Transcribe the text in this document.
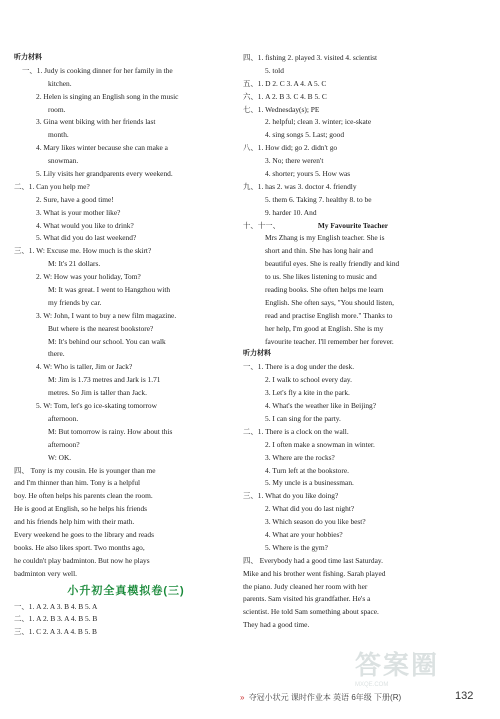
听力材料
一、1. Judy is cooking dinner for her family in the
kitchen.
2. Helen is singing an English song in the music
room.
3. Gina went biking with her friends last
month.
4. Mary likes winter because she can make a
snowman.
5. Lily visits her grandparents every weekend.
二、1. Can you help me?
2. Sure, have a good time!
3. What is your mother like?
4. What would you like to drink?
5. What did you do last weekend?
三、1. W: Excuse me. How much is the skirt?
M: It's 21 dollars.
2. W: How was your holiday, Tom?
M: It was great. I went to Hangzhou with
my friends by car.
3. W: John, I want to buy a new film magazine.
But where is the nearest bookstore?
M: It's behind our school. You can walk
there.
4. W: Who is taller, Jim or Jack?
M: Jim is 1.73 metres and Jark is 1.71
metres. So Jim is taller than Jack.
5. W: Tom, let's go ice-skating tomorrow
afternoon.
M: But tomorrow is rainy. How about this
afternoon?
W: OK.
四、 Tony is my cousin. He is younger than me
and I'm thinner than him. Tony is a helpful
boy. He often helps his parents clean the room.
He is good at English, so he helps his friends
and his friends help him with their math.
Every weekend he goes to the library and reads
books. He also likes sport. Two months ago,
he couldn't play badminton. But now he plays
badminton very well.
小升初全真模拟卷(三)
一、1. A 2. A 3. B 4. B 5. A
二、1. A 2. B 3. A 4. B 5. B
三、1. C 2. A 3. A 4. B 5. B
四、1. fishing 2. played 3. visited 4. scientist
5. told
五、1. D 2. C 3. A 4. A 5. C
六、1. A 2. B 3. C 4. B 5. C
七、1. Wednesday(s); PE
2. helpful; clean 3. winter; ice-skate
4. sing songs 5. Last; good
八、1. How did; go 2. didn't go
3. No; there weren't
4. shorter; yours 5. How was
九、1. has 2. was 3. doctor 4. friendly
5. them 6. Taking 7. healthy 8. to be
9. harder 10. And
十、十一、	My Favourite Teacher
Mrs Zhang is my English teacher. She is
short and thin. She has long hair and
beautiful eyes. She is really friendly and kind
to us. She likes listening to music and
reading books. She often helps me learn
English. She often says, "You should listen,
read and practise English more." Thanks to
her help, I'm good at English. She is my
favourite teacher. I'll remember her forever.
听力材料
一、1. There is a dog under the desk.
2. I walk to school every day.
3. Let's fly a kite in the park.
4. What's the weather like in Beijing?
5. I can sing for the party.
二、1. There is a clock on the wall.
2. I often make a snowman in winter.
3. Where are the rocks?
4. Turn left at the bookstore.
5. My uncle is a businessman.
三、1. What do you like doing?
2. What did you do last night?
3. Which season do you like best?
4. What are your hobbies?
5. Where is the gym?
四、 Everybody had a good time last Saturday.
Mike and his brother went fishing. Sarah played
the piano. Judy cleaned her room with her
parents. Sam visited his grandfather. He's a
scientist. He told Sam something about space.
They had a good time.
» 夺冠小状元 课时作业本 英语 6年级 下册(R)	132
答案圈
MXQE.COM
